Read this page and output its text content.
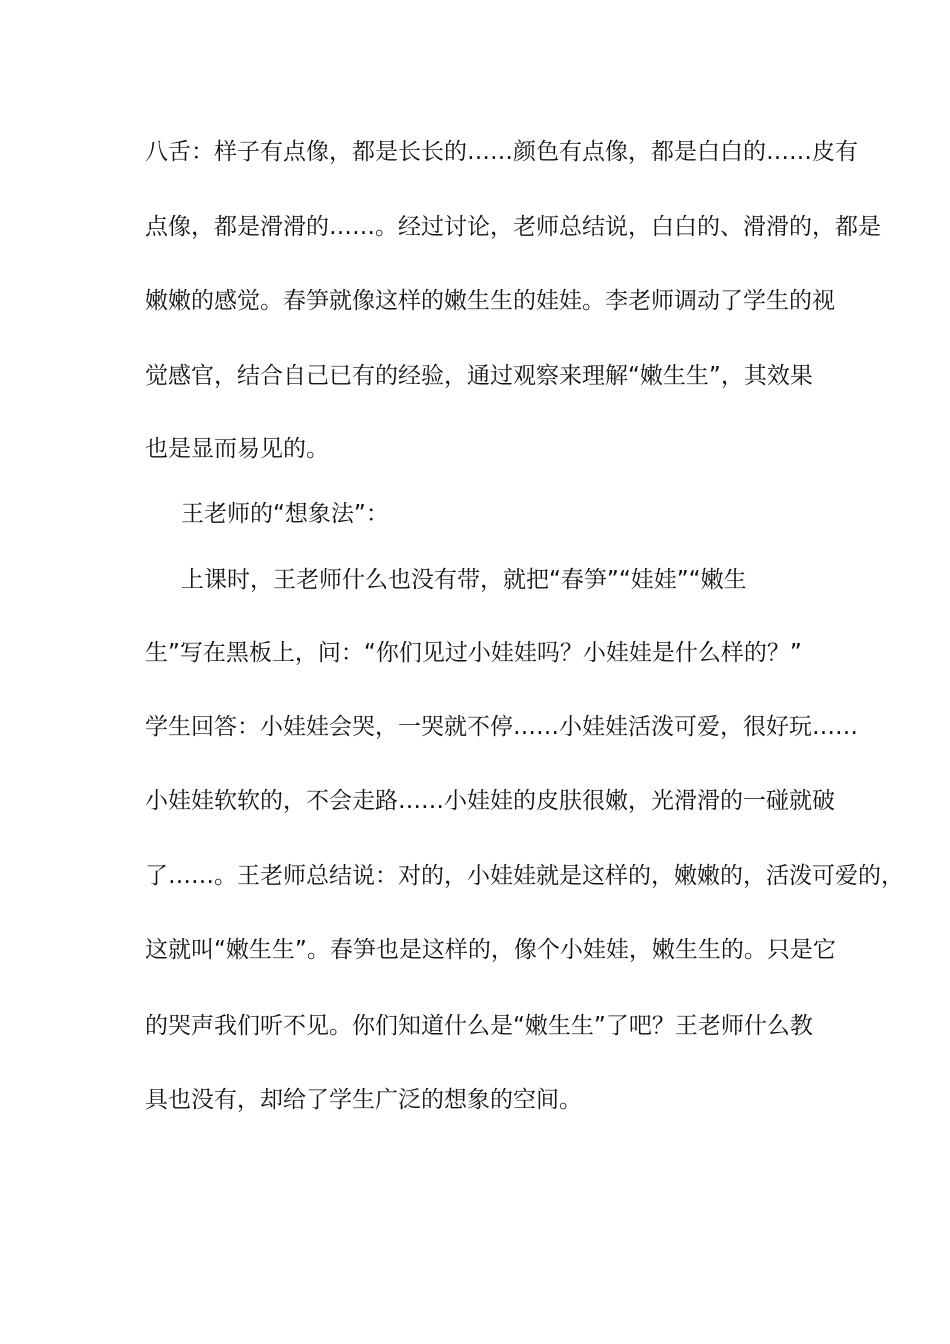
八舌：样子有点像，都是长长的……颜色有点像，都是白白的……皮有
点像，都是滑滑的……。经过讨论，老师总结说，白白的、滑滑的，都是
嫩嫩的感觉。春笋就像这样的嫩生生的娃娃。李老师调动了学生的视
觉感官，结合自己已有的经验，通过观察来理解“嫩生生”，其效果
也是显而易见的。
王老师的“想象法”：
上课时，王老师什么也没有带，就把“春笋”“娃娃”“嫩生
生”写在黑板上，问：“你们见过小娃娃吗？小娃娃是什么样的？”
学生回答：小娃娃会哭，一哭就不停……小娃娃活泼可爱，很好玩……
小娃娃软软的，不会走路……小娃娃的皮肤很嫩，光滑滑的一碰就破
了……。王老师总结说：对的，小娃娃就是这样的，嫩嫩的，活泼可爱的，
这就叫“嫩生生”。春笋也是这样的，像个小娃娃，嫩生生的。只是它
的哭声我们听不见。你们知道什么是“嫩生生”了吧？王老师什么教
具也没有，却给了学生广泛的想象的空间。
